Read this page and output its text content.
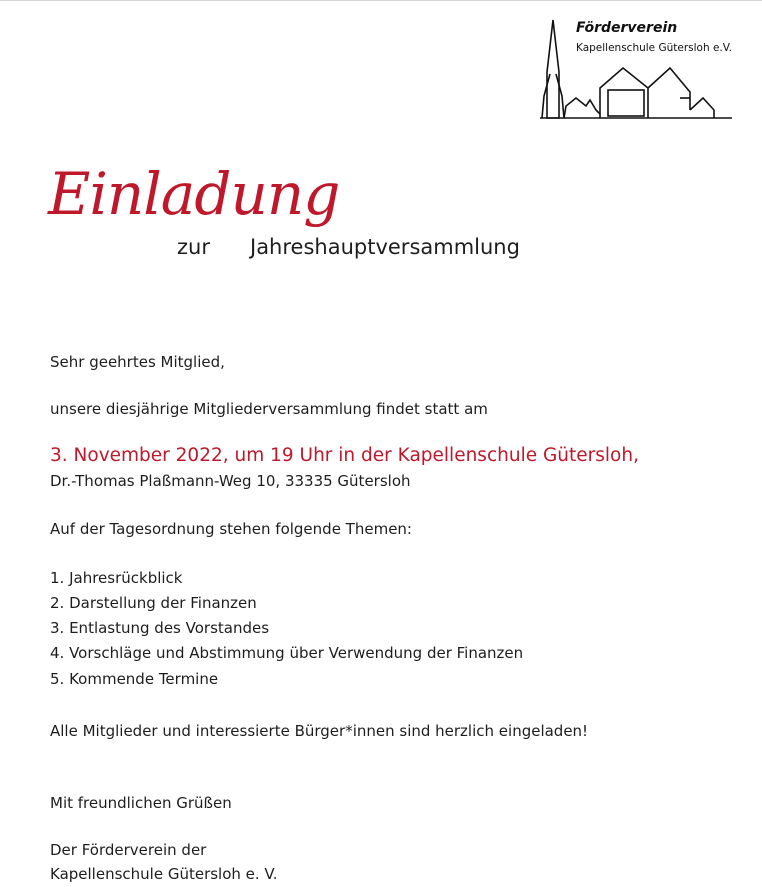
Förderverein
Kapellenschule Gütersloh e.V.
Einladung
zur Jahreshauptversammlung
Sehr geehrtes Mitglied,
unsere diesjährige Mitgliederversammlung findet statt am
3. November 2022, um 19 Uhr in der Kapellenschule Gütersloh,
Dr.-Thomas Plaßmann-Weg 10, 33335 Gütersloh
Auf der Tagesordnung stehen folgende Themen:
1. Jahresrückblick
2. Darstellung der Finanzen
3. Entlastung des Vorstandes
4. Vorschläge und Abstimmung über Verwendung der Finanzen
5. Kommende Termine
Alle Mitglieder und interessierte Bürger*innen sind herzlich eingeladen!
Mit freundlichen Grüßen
Der Förderverein der
Kapellenschule Gütersloh e. V.
